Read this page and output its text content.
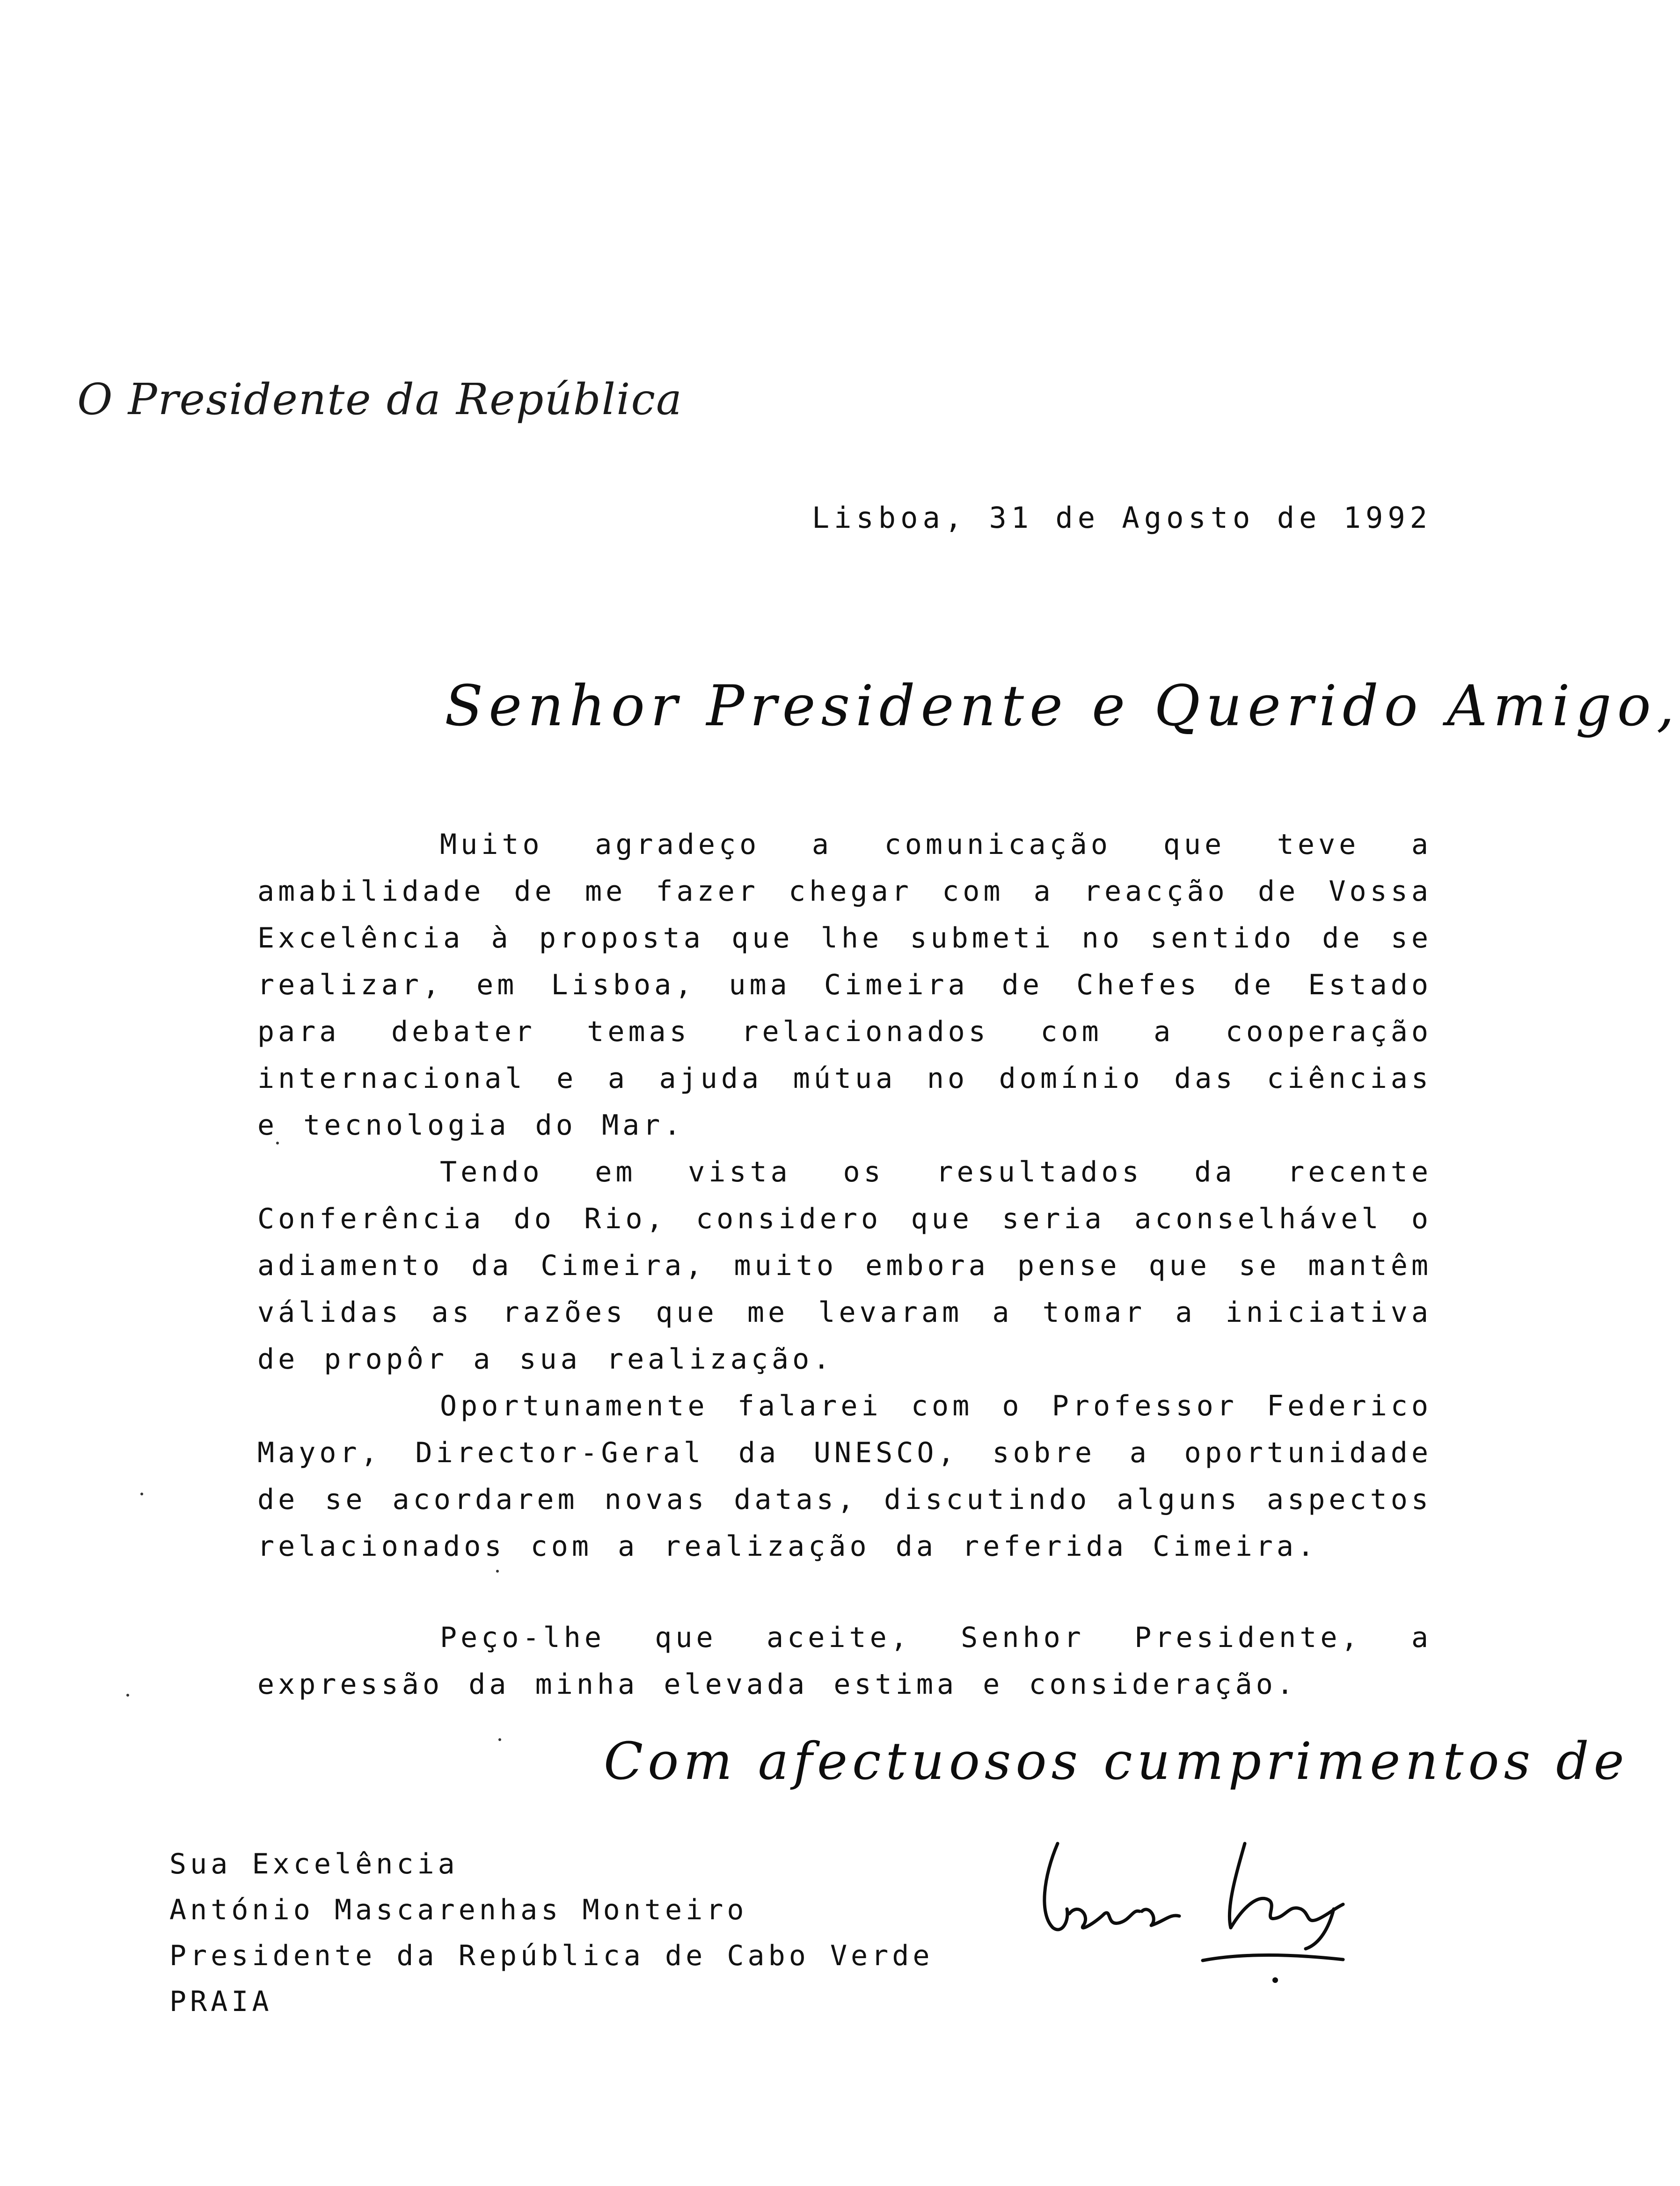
O Presidente da República
Lisboa, 31 de Agosto de 1992
Senhor Presidente e Querido Amigo,

Muito agradeço a comunicação que teve a amabilidade de me fazer chegar com a reacção de Vossa Excelência à proposta que lhe submeti no sentido de se realizar, em Lisboa, uma Cimeira de Chefes de Estado para debater temas relacionados com a cooperação internacional e a ajuda mútua no domínio das ciências e tecnologia do Mar.

Tendo em vista os resultados da recente Conferência do Rio, considero que seria aconselhável o adiamento da Cimeira, muito embora pense que se mantêm válidas as razões que me levaram a tomar a iniciativa de propôr a sua realização.

Oportunamente falarei com o Professor Federico Mayor, Director-Geral da UNESCO, sobre a oportunidade de se acordarem novas datas, discutindo alguns aspectos relacionados com a realização da referida Cimeira.

Peço-lhe que aceite, Senhor Presidente, a expressão da minha elevada estima e consideração.

Com afectuosos cumprimentos de
Sua Excelência
António Mascarenhas Monteiro
Presidente da República de Cabo Verde
PRAIA
